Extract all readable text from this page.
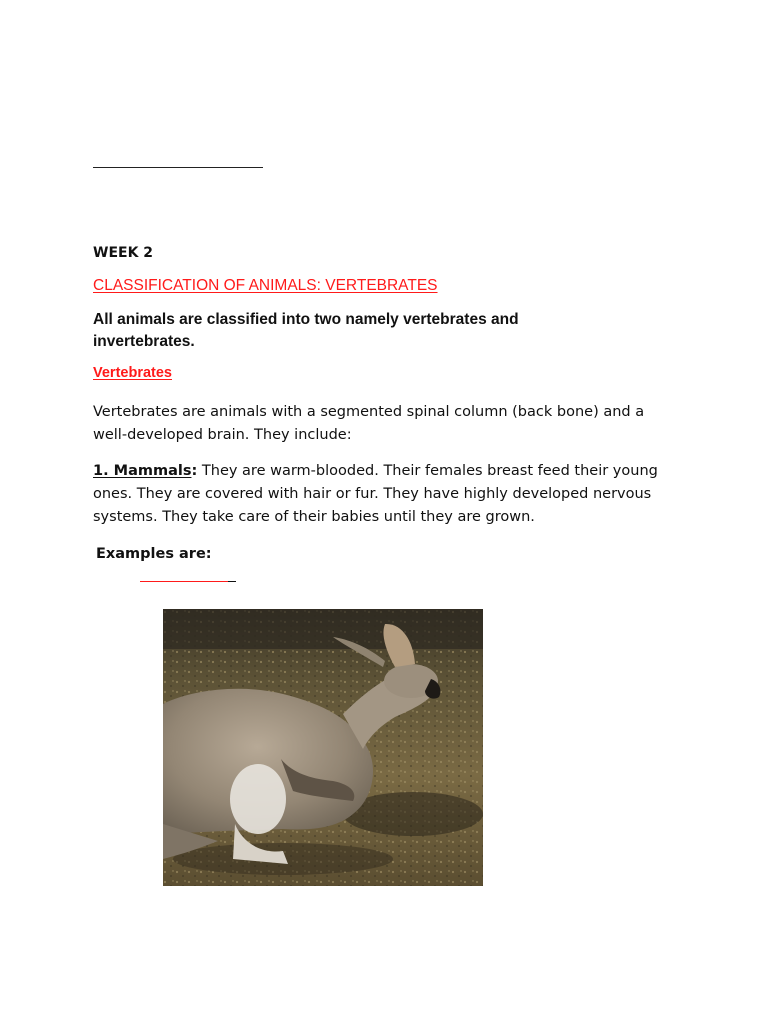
WEEK 2
CLASSIFICATION OF ANIMALS: VERTEBRATES
All animals are classified into two namely vertebrates and
invertebrates.
Vertebrates
Vertebrates are animals with a segmented spinal column (back bone) and a
well-developed brain. They include:
1. Mammals: They are warm-blooded. Their females breast feed their young
ones. They are covered with hair or fur. They have highly developed nervous
systems. They take care of their babies until they are grown.
Examples are:
